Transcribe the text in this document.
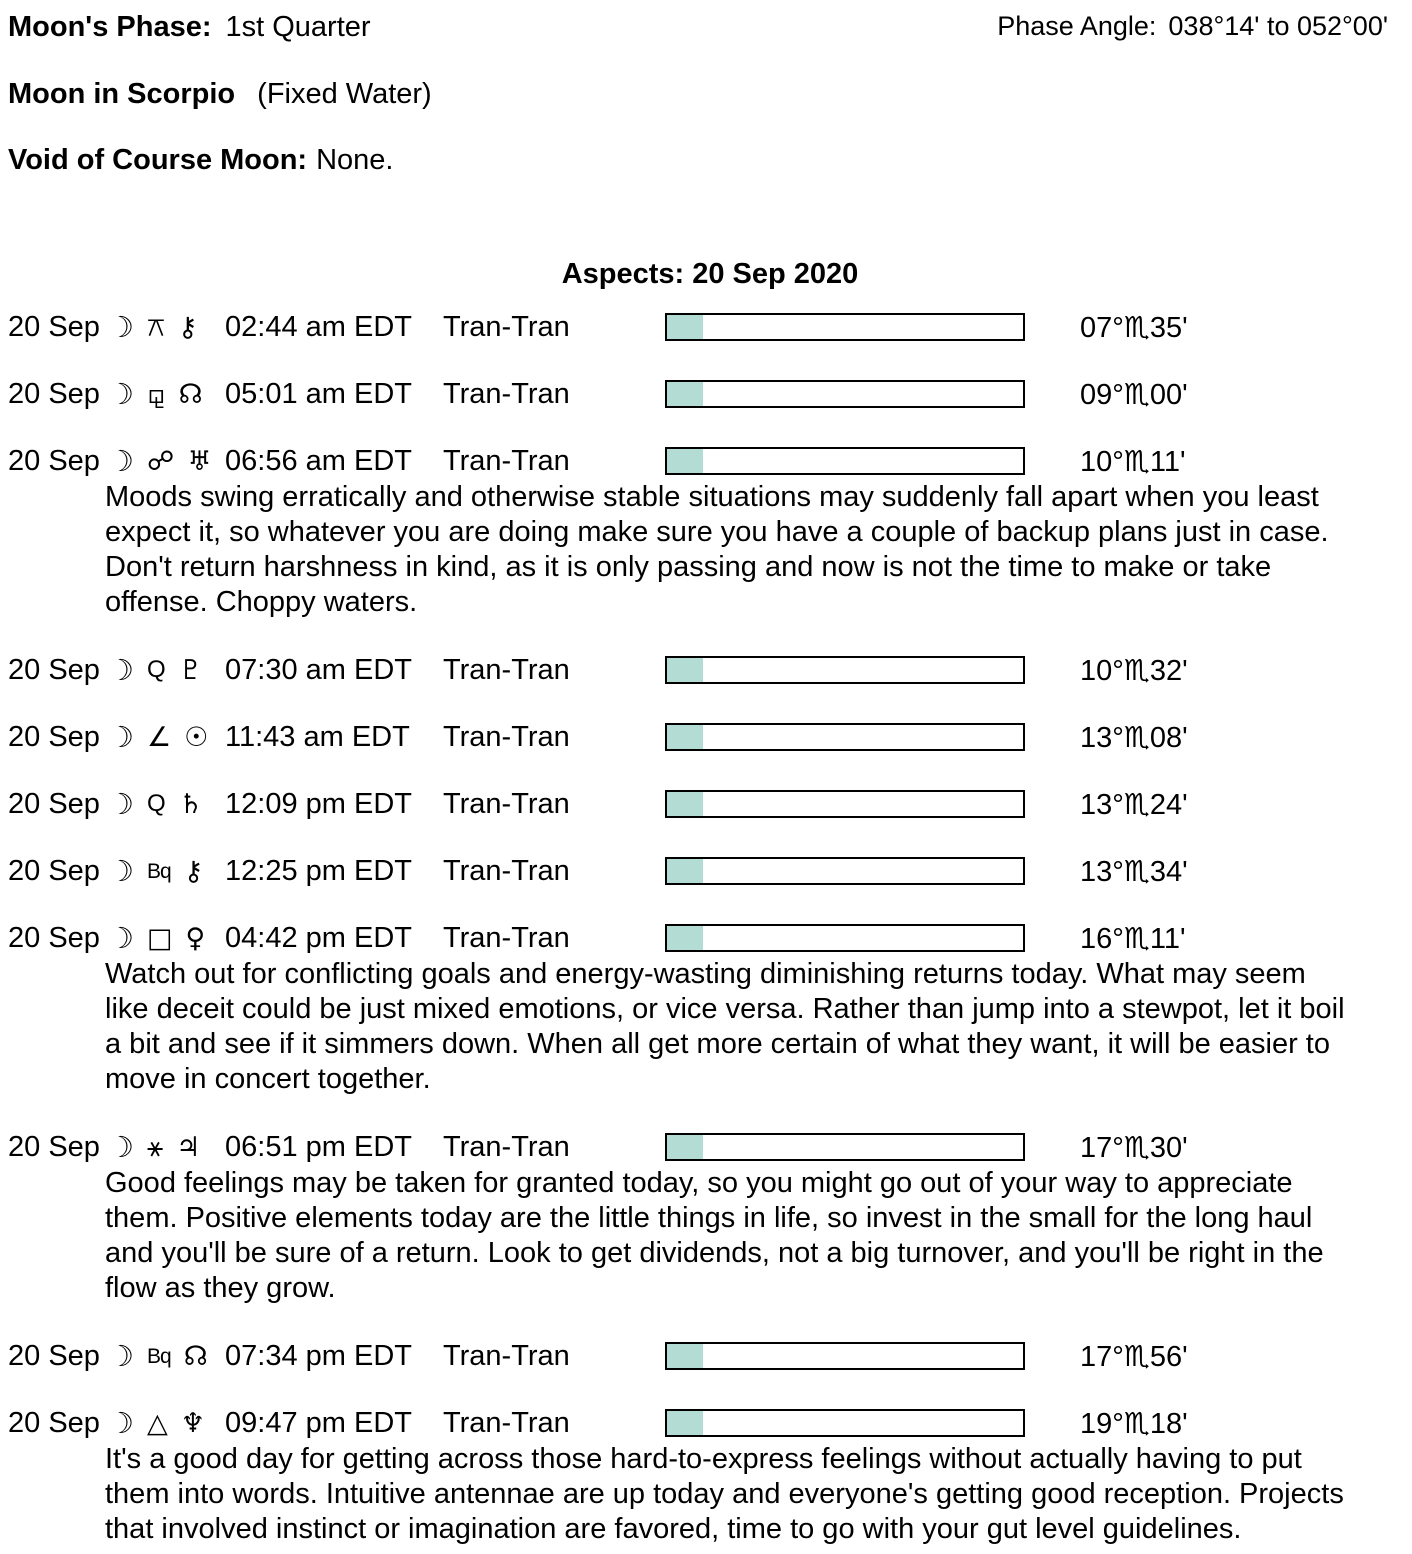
Moon's Phase: 1st Quarter	Phase Angle: 038°14' to 052°00'
Moon in Scorpio (Fixed Water)
Void of Course Moon: None.
Aspects: 20 Sep 2020
20 Sep ☽ ⚻ ⚷ 02:44 am EDT	Tran-Tran	07°♏35'
20 Sep ☽ ⚼ ☊ 05:01 am EDT	Tran-Tran	09°♏00'
20 Sep ☽ ☍ ♅ 06:56 am EDT	Tran-Tran	10°♏11'
Moods swing erratically and otherwise stable situations may suddenly fall apart when you least expect it, so whatever you are doing make sure you have a couple of backup plans just in case. Don't return harshness in kind, as it is only passing and now is not the time to make or take offense. Choppy waters.
20 Sep ☽ Q ♇ 07:30 am EDT	Tran-Tran	10°♏32'
20 Sep ☽ ∠ ☉ 11:43 am EDT	Tran-Tran	13°♏08'
20 Sep ☽ Q ♄ 12:09 pm EDT	Tran-Tran	13°♏24'
20 Sep ☽ Bq ⚷ 12:25 pm EDT	Tran-Tran	13°♏34'
20 Sep ☽ □ ♀ 04:42 pm EDT	Tran-Tran	16°♏11'
Watch out for conflicting goals and energy-wasting diminishing returns today. What may seem like deceit could be just mixed emotions, or vice versa. Rather than jump into a stewpot, let it boil a bit and see if it simmers down. When all get more certain of what they want, it will be easier to move in concert together.
20 Sep ☽ ⚹ ♃ 06:51 pm EDT	Tran-Tran	17°♏30'
Good feelings may be taken for granted today, so you might go out of your way to appreciate them. Positive elements today are the little things in life, so invest in the small for the long haul and you'll be sure of a return. Look to get dividends, not a big turnover, and you'll be right in the flow as they grow.
20 Sep ☽ Bq ☊ 07:34 pm EDT	Tran-Tran	17°♏56'
20 Sep ☽ △ ♆ 09:47 pm EDT	Tran-Tran	19°♏18'
It's a good day for getting across those hard-to-express feelings without actually having to put them into words. Intuitive antennae are up today and everyone's getting good reception. Projects that involved instinct or imagination are favored, time to go with your gut level guidelines.
